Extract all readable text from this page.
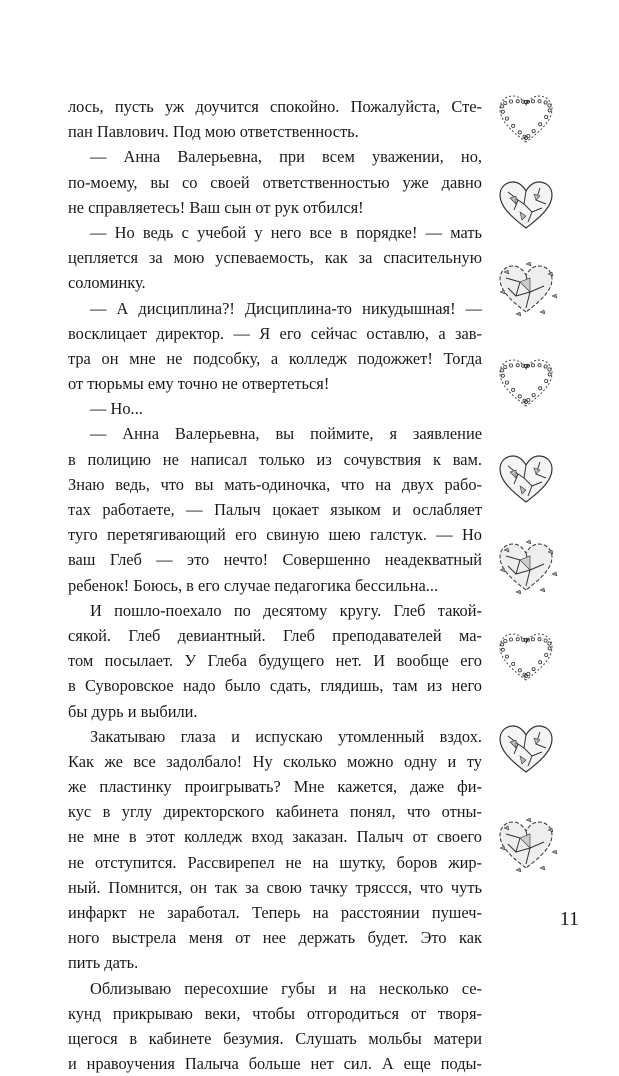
лось, пусть уж доучится спокойно. Пожалуйста, Сте-
пан Павлович. Под мою ответственность.
— Анна Валерьевна, при всем уважении, но,
по-моему, вы со своей ответственностью уже давно
не справляетесь! Ваш сын от рук отбился!
— Но ведь с учебой у него все в порядке! — мать
цепляется за мою успеваемость, как за спасительную
соломинку.
— А дисциплина?! Дисциплина-то никудышная! —
восклицает директор. — Я его сейчас оставлю, а зав-
тра он мне не подсобку, а колледж подожжет! Тогда
от тюрьмы ему точно не отвертеться!
— Но...
— Анна Валерьевна, вы поймите, я заявление
в полицию не написал только из сочувствия к вам.
Знаю ведь, что вы мать-одиночка, что на двух рабо-
тах работаете, — Палыч цокает языком и ослабляет
туго перетягивающий его свиную шею галстук. — Но
ваш Глеб — это нечто! Совершенно неадекватный
ребенок! Боюсь, в его случае педагогика бессильна...
И пошло-поехало по десятому кругу. Глеб такой-
сякой. Глеб девиантный. Глеб преподавателей ма-
том посылает. У Глеба будущего нет. И вообще его
в Суворовское надо было сдать, глядишь, там из него
бы дурь и выбили.
Закатываю глаза и испускаю утомленный вздох.
Как же все задолбало! Ну сколько можно одну и ту
же пластинку проигрывать? Мне кажется, даже фи-
кус в углу директорского кабинета понял, что отны-
не мне в этот колледж вход заказан. Палыч от своего
не отступится. Рассвирепел не на шутку, боров жир-
ный. Помнится, он так за свою тачку тряссся, что чуть
инфаркт не заработал. Теперь на расстоянии пушеч-
ного выстрела меня от нее держать будет. Это как
пить дать.
Облизываю пересохшие губы и на несколько се-
кунд прикрываю веки, чтобы отгородиться от творя-
щегося в кабинете безумия. Слушать мольбы матери
и нравоучения Палыча больше нет сил. А еще поды-
11
